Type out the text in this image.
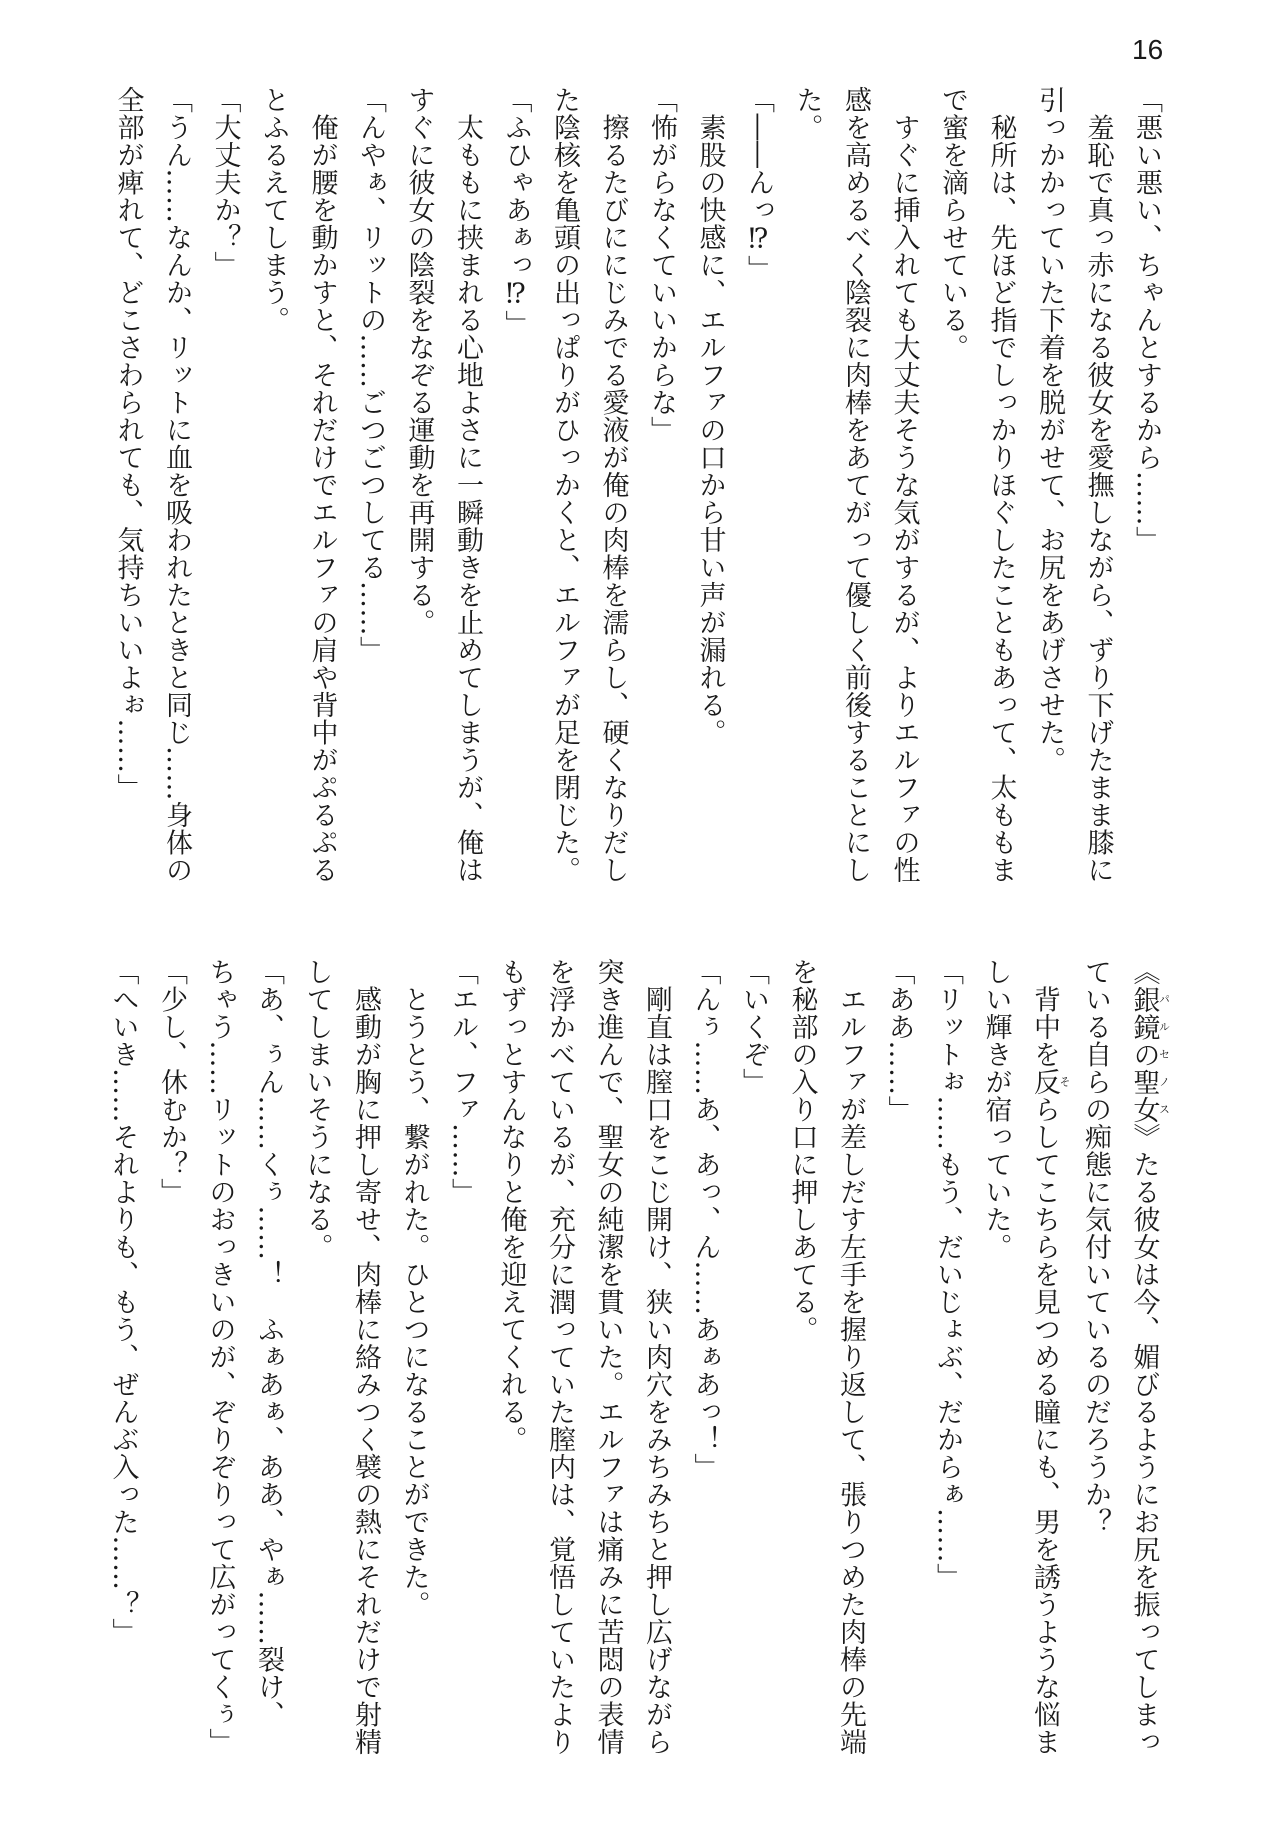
16
「悪い悪い、ちゃんとするから……」
　羞恥で真っ赤になる彼女を愛撫しながら、ずり下げたまま膝に
引っかかっていた下着を脱がせて、お尻をあげさせた。
　秘所は、先ほど指でしっかりほぐしたこともあって、太ももま
で蜜を滴らせている。
　すぐに挿入れても大丈夫そうな気がするが、よりエルファの性
感を高めるべく陰裂に肉棒をあてがって優しく前後することにし
た。
「――んっ⁉」
　素股の快感に、エルファの口から甘い声が漏れる。
「怖がらなくていいからな」
　擦るたびににじみでる愛液が俺の肉棒を濡らし、硬くなりだし
た陰核を亀頭の出っぱりがひっかくと、エルファが足を閉じた。
「ふひゃあぁっ⁉」
　太ももに挟まれる心地よさに一瞬動きを止めてしまうが、俺は
すぐに彼女の陰裂をなぞる運動を再開する。
「んやぁ、リットの……ごつごつしてる……」
　俺が腰を動かすと、それだけでエルファの肩や背中がぷるぷる
とふるえてしまう。
「大丈夫か？」
「うん……なんか、リットに血を吸われたときと同じ……身体の
全部が痺れて、どこさわられても、気持ちいいよぉ……」
《銀鏡の聖女パルセノス》たる彼女は今、媚びるようにお尻を振ってしまっ
ている自らの痴態に気付いているのだろうか？
　背中を反そらしてこちらを見つめる瞳にも、男を誘うような悩ま
しい輝きが宿っていた。
「リットぉ……もう、だいじょぶ、だからぁ……」
「ああ……」
　エルファが差しだす左手を握り返して、張りつめた肉棒の先端
を秘部の入り口に押しあてる。
「いくぞ」
「んぅ……あ、あっ、ん……あぁあっ！」
　剛直は膣口をこじ開け、狭い肉穴をみちみちと押し広げながら
突き進んで、聖女の純潔を貫いた。エルファは痛みに苦悶の表情
を浮かべているが、充分に潤っていた膣内は、覚悟していたより
もずっとすんなりと俺を迎えてくれる。
「エル、ファ……」
　とうとう、繋がれた。ひとつになることができた。
　感動が胸に押し寄せ、肉棒に絡みつく襞の熱にそれだけで射精
してしまいそうになる。
「あ、ぅん……くぅ……！　ふぁあぁ、ああ、やぁ……裂け、
ちゃう……リットのおっきいのが、ぞりぞりって広がってくぅ」
「少し、休むか？」
「へいき……それよりも、もう、ぜんぶ入った……？」
